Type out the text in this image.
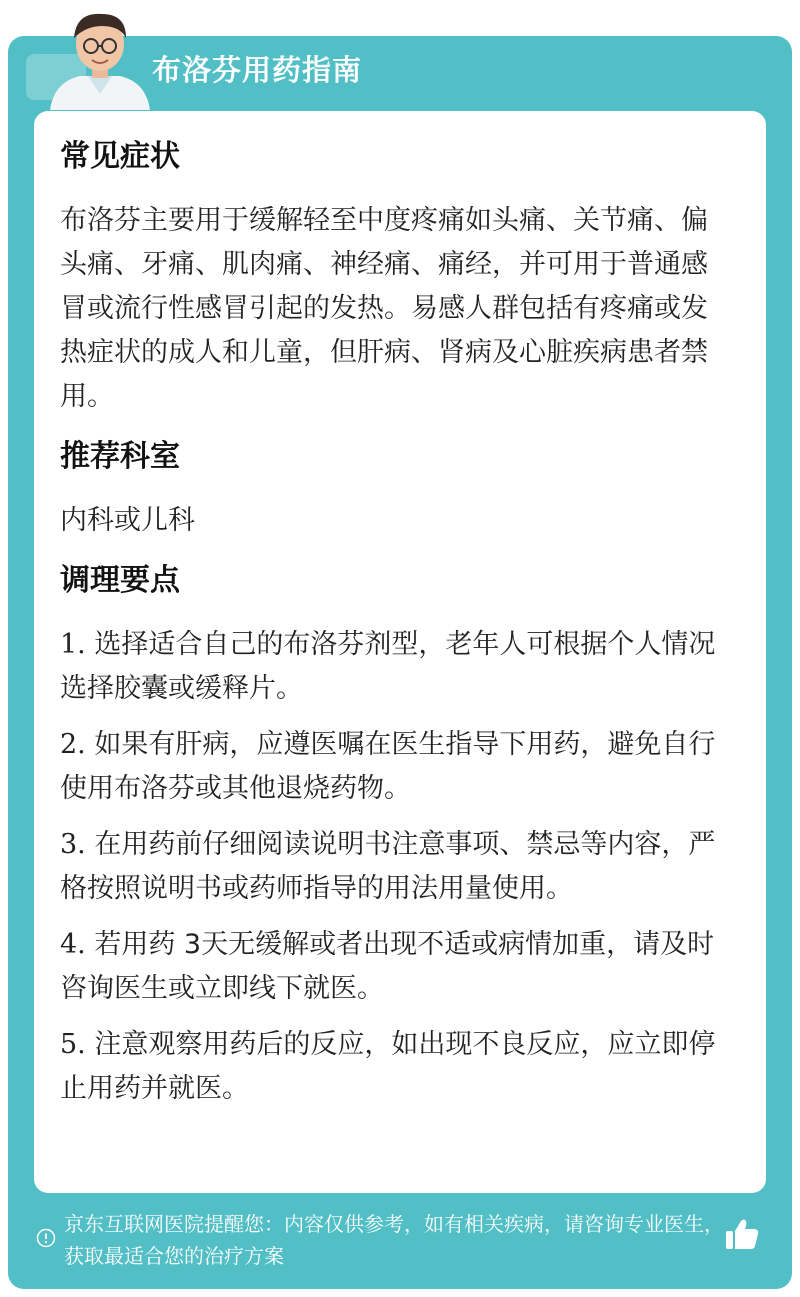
布洛芬用药指南
常见症状

布洛芬主要用于缓解轻至中度疼痛如头痛、关节痛、偏头痛、牙痛、肌肉痛、神经痛、痛经，并可用于普通感冒或流行性感冒引起的发热。易感人群包括有疼痛或发热症状的成人和儿童，但肝病、肾病及心脏疾病患者禁用。

推荐科室

内科或儿科

调理要点

1. 选择适合自己的布洛芬剂型，老年人可根据个人情况选择胶囊或缓释片。

2. 如果有肝病，应遵医嘱在医生指导下用药，避免自行使用布洛芬或其他退烧药物。

3. 在用药前仔细阅读说明书注意事项、禁忌等内容，严格按照说明书或药师指导的用法用量使用。

4. 若用药 3天无缓解或者出现不适或病情加重，请及时咨询医生或立即线下就医。

5. 注意观察用药后的反应，如出现不良反应，应立即停止用药并就医。

京东互联网医院提醒您：内容仅供参考，如有相关疾病，请咨询专业医生，获取最适合您的治疗方案
